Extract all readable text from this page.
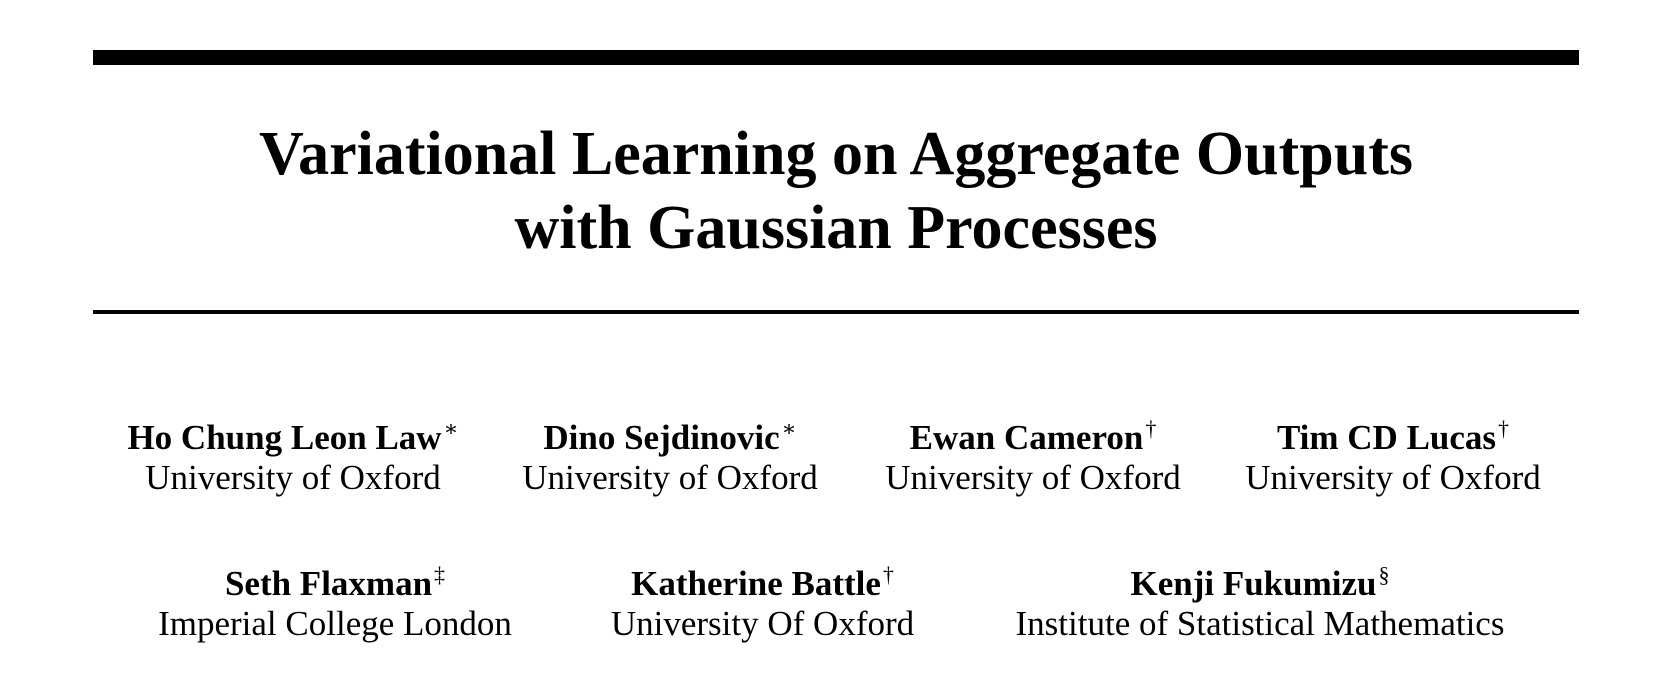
Variational Learning on Aggregate Outputs
with Gaussian Processes
Ho Chung Leon Law∗
University of Oxford
Dino Sejdinovic∗
University of Oxford
Ewan Cameron†
University of Oxford
Tim CD Lucas†
University of Oxford
Seth Flaxman‡
Imperial College London
Katherine Battle†
University Of Oxford
Kenji Fukumizu§
Institute of Statistical Mathematics
